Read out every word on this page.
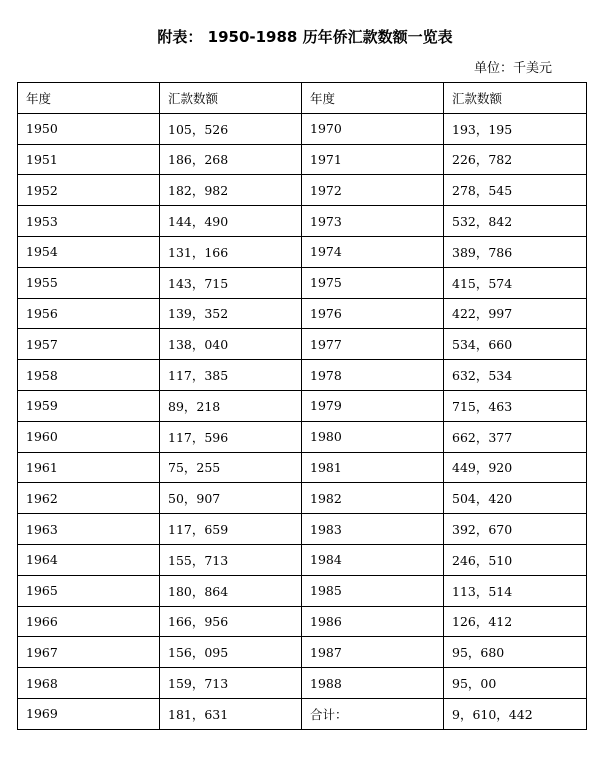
附表： 1950-1988 历年侨汇款数额一览表
单位：千美元
年度	汇款数额	年度	汇款数额
1950	105，526	1970	193，195
1951	186，268	1971	226，782
1952	182，982	1972	278，545
1953	144，490	1973	532，842
1954	131，166	1974	389，786
1955	143，715	1975	415，574
1956	139，352	1976	422，997
1957	138，040	1977	534，660
1958	117，385	1978	632，534
1959	89，218	1979	715，463
1960	117，596	1980	662，377
1961	75，255	1981	449，920
1962	50，907	1982	504，420
1963	117，659	1983	392，670
1964	155，713	1984	246，510
1965	180，864	1985	113，514
1966	166，956	1986	126，412
1967	156，095	1987	95，680
1968	159，713	1988	95，00
1969	181，631	合计：	9，610，442
